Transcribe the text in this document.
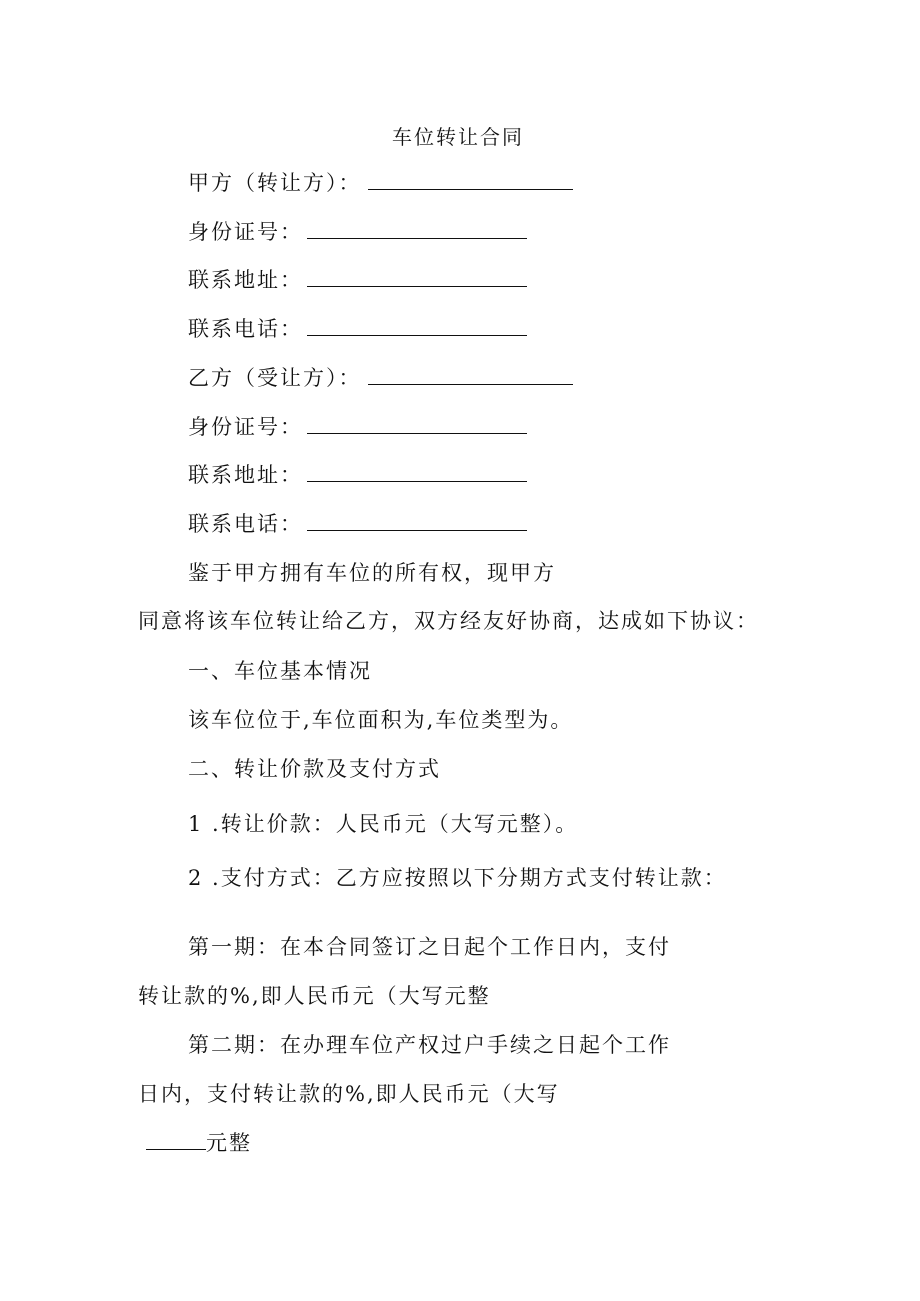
车位转让合同
甲方（转让方）：
身份证号：
联系地址：
联系电话：
乙方（受让方）：
身份证号：
联系地址：
联系电话：
鉴于甲方拥有车位的所有权，现甲方
同意将该车位转让给乙方，双方经友好协商，达成如下协议：
一、车位基本情况
该车位位于,车位面积为,车位类型为。
二、转让价款及支付方式
1 .转让价款：人民币元（大写元整）。
2 .支付方式：乙方应按照以下分期方式支付转让款：
第一期：在本合同签订之日起个工作日内，支付
转让款的%,即人民币元（大写元整
第二期：在办理车位产权过户手续之日起个工作
日内，支付转让款的%,即人民币元（大写
元整
